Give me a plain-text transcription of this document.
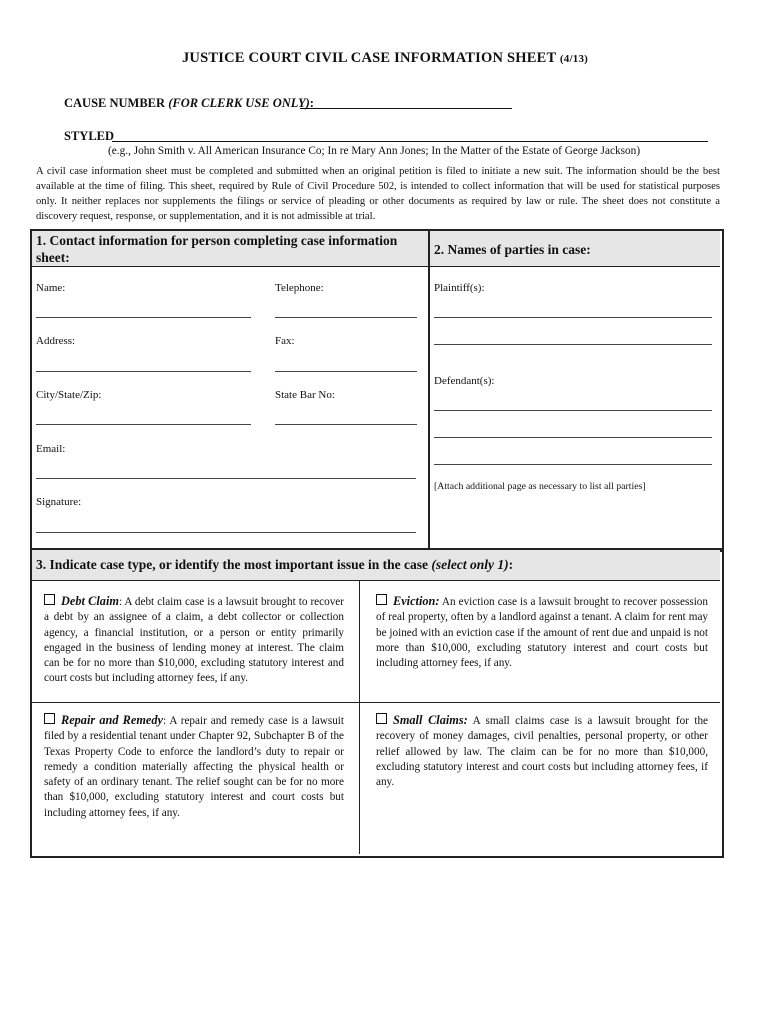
JUSTICE COURT CIVIL CASE INFORMATION SHEET (4/13)
CAUSE NUMBER (FOR CLERK USE ONLY):
STYLED
(e.g., John Smith v. All American Insurance Co; In re Mary Ann Jones; In the Matter of the Estate of George Jackson)

A civil case information sheet must be completed and submitted when an original petition is filed to initiate a new suit. The information should be the best available at the time of filing. This sheet, required by Rule of Civil Procedure 502, is intended to collect information that will be used for statistical purposes only. It neither replaces nor supplements the filings or service of pleading or other documents as required by law or rule. The sheet does not constitute a discovery request, response, or supplementation, and it is not admissible at trial.

1. Contact information for person completing case information sheet:
2. Names of parties in case:
Name:	Telephone:
Address:	Fax:
City/State/Zip:	State Bar No:
Email:
Signature:
Plaintiff(s):
Defendant(s):
[Attach additional page as necessary to list all parties]
3. Indicate case type, or identify the most important issue in the case (select only 1):
Debt Claim: A debt claim case is a lawsuit brought to recover a debt by an assignee of a claim, a debt collector or collection agency, a financial institution, or a person or entity primarily engaged in the business of lending money at interest. The claim can be for no more than $10,000, excluding statutory interest and court costs but including attorney fees, if any.
Eviction: An eviction case is a lawsuit brought to recover possession of real property, often by a landlord against a tenant. A claim for rent may be joined with an eviction case if the amount of rent due and unpaid is not more than $10,000, excluding statutory interest and court costs but including attorney fees, if any.
Repair and Remedy: A repair and remedy case is a lawsuit filed by a residential tenant under Chapter 92, Subchapter B of the Texas Property Code to enforce the landlord’s duty to repair or remedy a condition materially affecting the physical health or safety of an ordinary tenant. The relief sought can be for no more than $10,000, excluding statutory interest and court costs but including attorney fees, if any.
Small Claims: A small claims case is a lawsuit brought for the recovery of money damages, civil penalties, personal property, or other relief allowed by law. The claim can be for no more than $10,000, excluding statutory interest and court costs but including attorney fees, if any.
